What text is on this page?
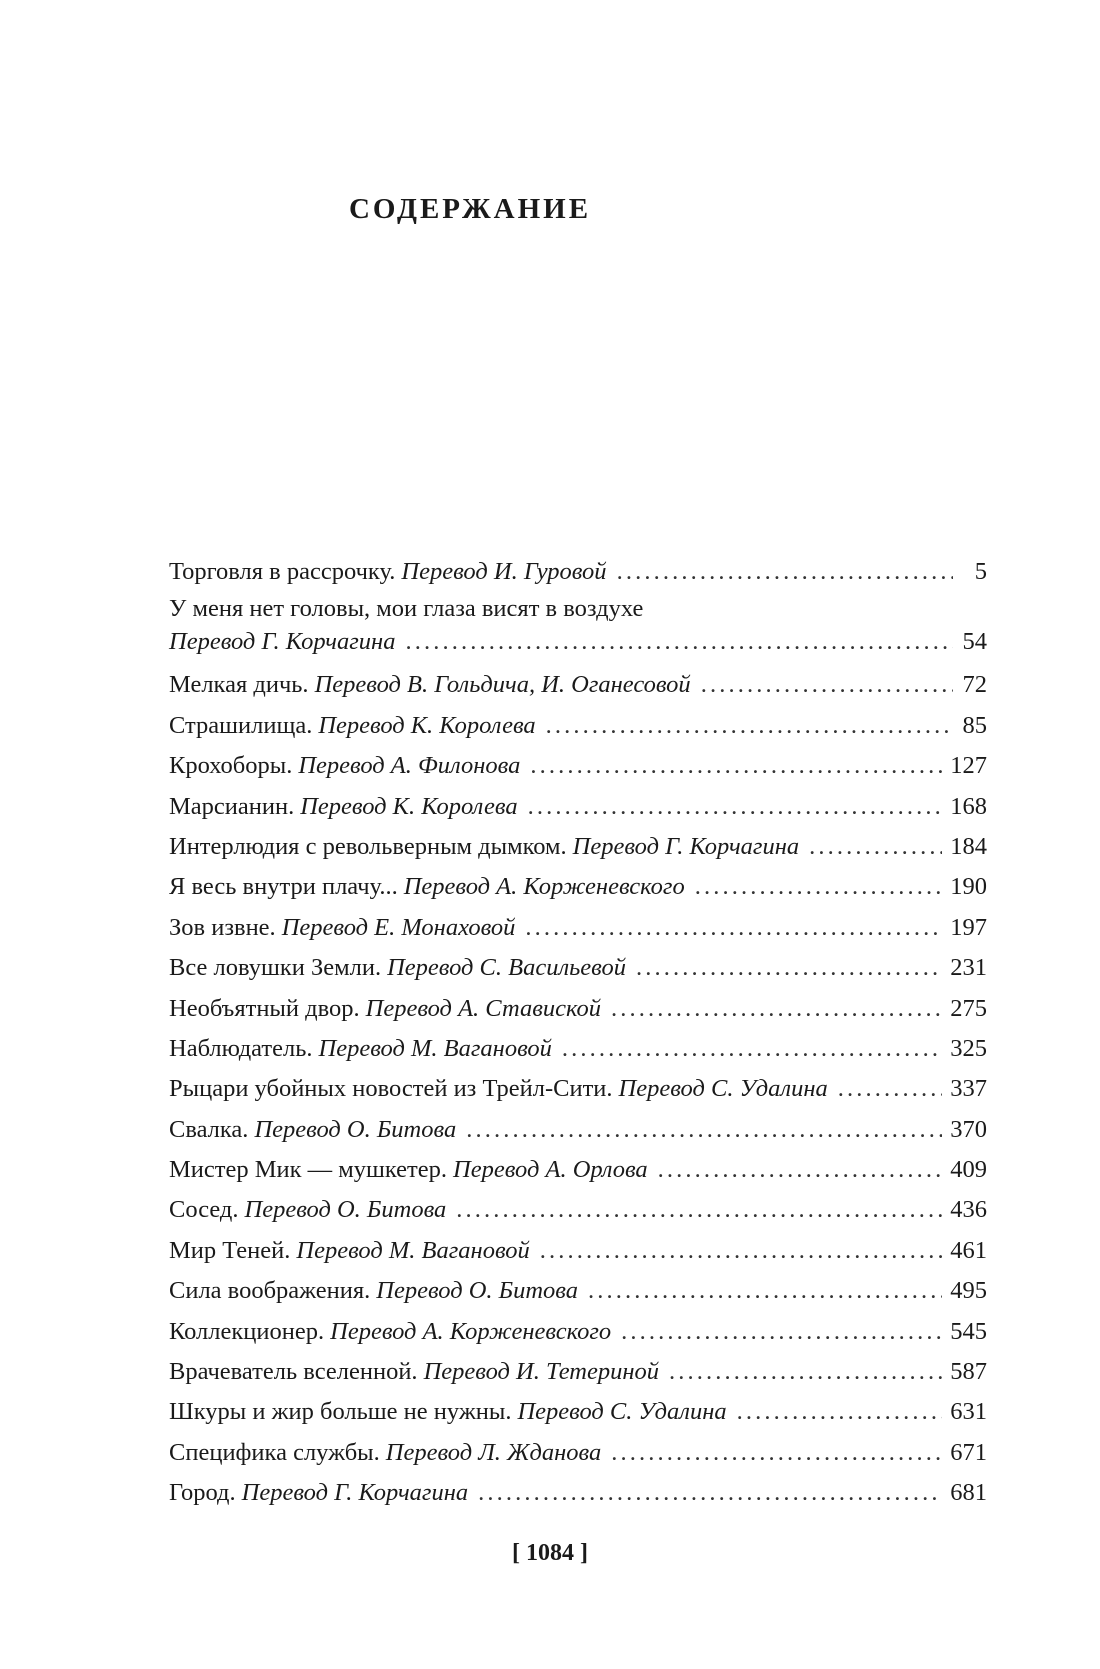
СОДЕРЖАНИЕ
Торговля в рассрочку. Перевод И. Гуровой . . .	5
У меня нет головы, мои глаза висят в воздухе
Перевод Г. Корчагина . . .	54
Мелкая дичь. Перевод В. Гольдича, И. Оганесовой . . .	72
Страшилища. Перевод К. Королева . . .	85
Крохоборы. Перевод А. Филонова . . .	127
Марсианин. Перевод К. Королева . . .	168
Интерлюдия с револьверным дымком. Перевод Г. Корчагина . . .	184
Я весь внутри плачу... Перевод А. Корженевского . . .	190
Зов извне. Перевод Е. Монаховой . . .	197
Все ловушки Земли. Перевод С. Васильевой . . .	231
Необъятный двор. Перевод А. Ставиской . . .	275
Наблюдатель. Перевод М. Вагановой . . .	325
Рыцари убойных новостей из Трейл-Сити. Перевод С. Удалина . . .	337
Свалка. Перевод О. Битова . . .	370
Мистер Мик — мушкетер. Перевод А. Орлова . . .	409
Сосед. Перевод О. Битова . . .	436
Мир Теней. Перевод М. Вагановой . . .	461
Сила воображения. Перевод О. Битова . . .	495
Коллекционер. Перевод А. Корженевского . . .	545
Врачеватель вселенной. Перевод И. Тетериной . . .	587
Шкуры и жир больше не нужны. Перевод С. Удалина . . .	631
Специфика службы. Перевод Л. Жданова . . .	671
Город. Перевод Г. Корчагина . . .	681
[ 1084 ]
